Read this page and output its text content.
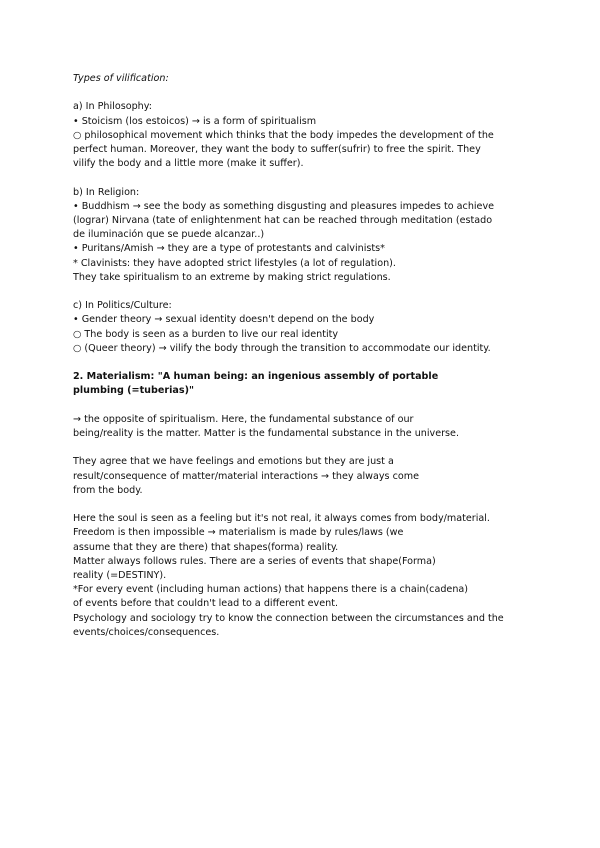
Types of vilification:
a) In Philosophy:
• Stoicism (los estoicos) → is a form of spiritualism
○ philosophical movement which thinks that the body impedes the development of the
perfect human. Moreover, they want the body to suffer(sufrir) to free the spirit. They
vilify the body and a little more (make it suffer).
b) In Religion:
• Buddhism → see the body as something disgusting and pleasures impedes to achieve
(lograr) Nirvana (tate of enlightenment hat can be reached through meditation (estado
de iluminación que se puede alcanzar..)
• Puritans/Amish → they are a type of protestants and calvinists*
* Clavinists: they have adopted strict lifestyles (a lot of regulation).
They take spiritualism to an extreme by making strict regulations.
c) In Politics/Culture:
• Gender theory → sexual identity doesn't depend on the body
○ The body is seen as a burden to live our real identity
○ (Queer theory) → vilify the body through the transition to accommodate our identity.
2. Materialism: "A human being: an ingenious assembly of portable
plumbing (=tuberias)"
→ the opposite of spiritualism. Here, the fundamental substance of our
being/reality is the matter. Matter is the fundamental substance in the universe.
They agree that we have feelings and emotions but they are just a
result/consequence of matter/material interactions → they always come
from the body.
Here the soul is seen as a feeling but it's not real, it always comes from body/material.
Freedom is then impossible → materialism is made by rules/laws (we
assume that they are there) that shapes(forma) reality.
Matter always follows rules. There are a series of events that shape(Forma)
reality (=DESTINY).
*For every event (including human actions) that happens there is a chain(cadena)
of events before that couldn't lead to a different event.
Psychology and sociology try to know the connection between the circumstances and the
events/choices/consequences.
